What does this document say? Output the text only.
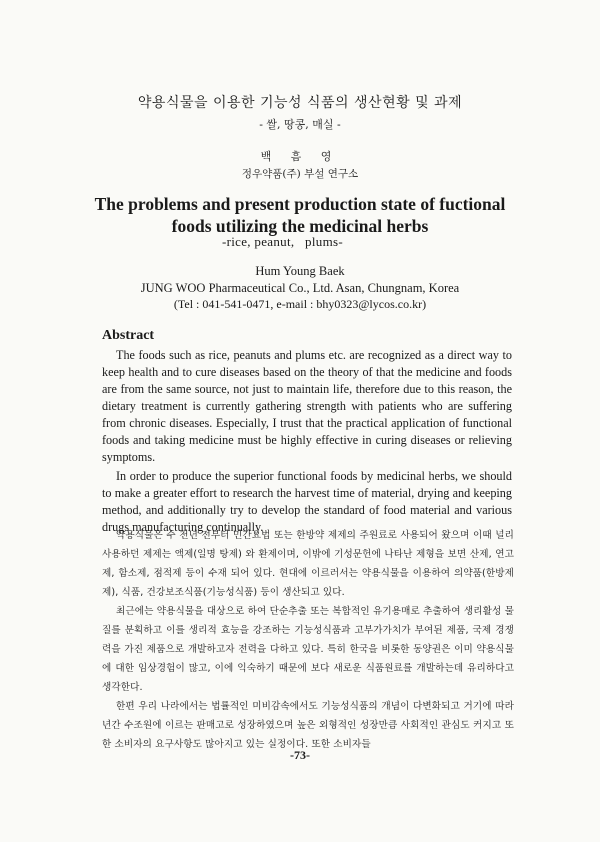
약용식물을 이용한 기능성 식품의 생산현황 및 과제
- 쌀, 땅콩, 매실 -
백 흠 영
정우약품(주) 부설 연구소
The problems and present production state of fuctional
foods utilizing the medicinal herbs
-rice, peanut,   plums-
Hum Young Baek
JUNG WOO Pharmaceutical Co., Ltd. Asan, Chungnam, Korea
(Tel : 041-541-0471, e-mail : bhy0323@lycos.co.kr)
Abstract

The foods such as rice, peanuts and plums etc. are recognized as a direct way to keep health and to cure diseases based on the theory of that the medicine and foods are from the same source, not just to maintain life, therefore due to this reason, the dietary treatment is currently gathering strength with patients who are suffering from chronic diseases. Especially, I trust that the practical application of functional foods and taking medicine must be highly effective in curing diseases or relieving symptoms.

In order to produce the superior functional foods by medicinal herbs, we should to make a greater effort to research the harvest time of material, drying and keeping method, and additionally try to develop the standard of food material and various drugs manufacturing continually.

약용식물은 수 천년 전부터 민간요법 또는 한방약 제제의 주원료로 사용되어 왔으며 이때 널리 사용하던 제제는 액제(일명 탕제) 와 환제이며, 이밖에 기성문헌에 나타난 제형을 보면 산제, 연고제, 함소제, 점적제 등이 수재 되어 있다. 현대에 이르러서는 약용식물을 이용하여 의약품(한방제제), 식품, 건강보조식품(기능성식품) 등이 생산되고 있다.

최근에는 약용식물을 대상으로 하여 단순추출 또는 복합적인 유기용매로 추출하여 생리활성 물질를 분획하고 이를 생리적 효능을 강조하는 기능성식품과 고부가가치가 부여된 제품, 국제 경쟁력을 가진 제품으로 개발하고자 전력을 다하고 있다. 특히 한국을 비롯한 동양권은 이미 약용식물에 대한 임상경험이 많고, 이에 익숙하기 때문에 보다 새로운 식품원료를 개발하는데 유리하다고 생각한다.

한편 우리 나라에서는 법률적인 미비감속에서도 기능성식품의 개념이 다변화되고 거기에 따라 년간 수조원에 이르는 판매고로 성장하였으며 높은 외형적인 성장만큼 사회적인 관심도 커지고 또한 소비자의 요구사항도 많아지고 있는 실정이다. 또한 소비자들

-73-
